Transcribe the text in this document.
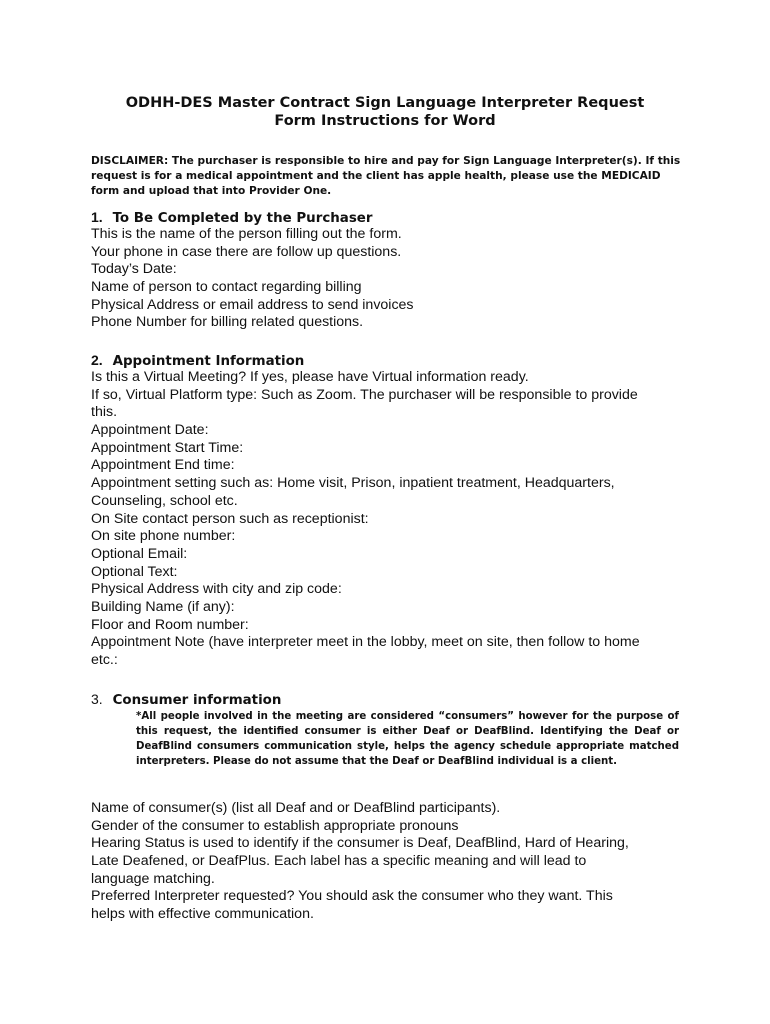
ODHH-DES Master Contract Sign Language Interpreter Request
Form Instructions for Word
DISCLAIMER: The purchaser is responsible to hire and pay for Sign Language Interpreter(s). If this request is for a medical appointment and the client has apple health, please use the MEDICAID form and upload that into Provider One.
1. To Be Completed by the Purchaser
This is the name of the person filling out the form.
Your phone in case there are follow up questions.
Today’s Date:
Name of person to contact regarding billing
Physical Address or email address to send invoices
Phone Number for billing related questions.
2. Appointment Information
Is this a Virtual Meeting? If yes, please have Virtual information ready.
If so, Virtual Platform type: Such as Zoom. The purchaser will be responsible to provide
this.
Appointment Date:
Appointment Start Time:
Appointment End time:
Appointment setting such as: Home visit, Prison, inpatient treatment, Headquarters,
Counseling, school etc.
On Site contact person such as receptionist:
On site phone number:
Optional Email:
Optional Text:
Physical Address with city and zip code:
Building Name (if any):
Floor and Room number:
Appointment Note (have interpreter meet in the lobby, meet on site, then follow to home
etc.:
3. Consumer information
*All people involved in the meeting are considered “consumers” however for the purpose of this request, the identified consumer is either Deaf or DeafBlind. Identifying the Deaf or DeafBlind consumers communication style, helps the agency schedule appropriate matched interpreters. Please do not assume that the Deaf or DeafBlind individual is a client.
Name of consumer(s) (list all Deaf and or DeafBlind participants).
Gender of the consumer to establish appropriate pronouns
Hearing Status is used to identify if the consumer is Deaf, DeafBlind, Hard of Hearing,
Late Deafened, or DeafPlus. Each label has a specific meaning and will lead to
language matching.
Preferred Interpreter requested? You should ask the consumer who they want. This
helps with effective communication.
